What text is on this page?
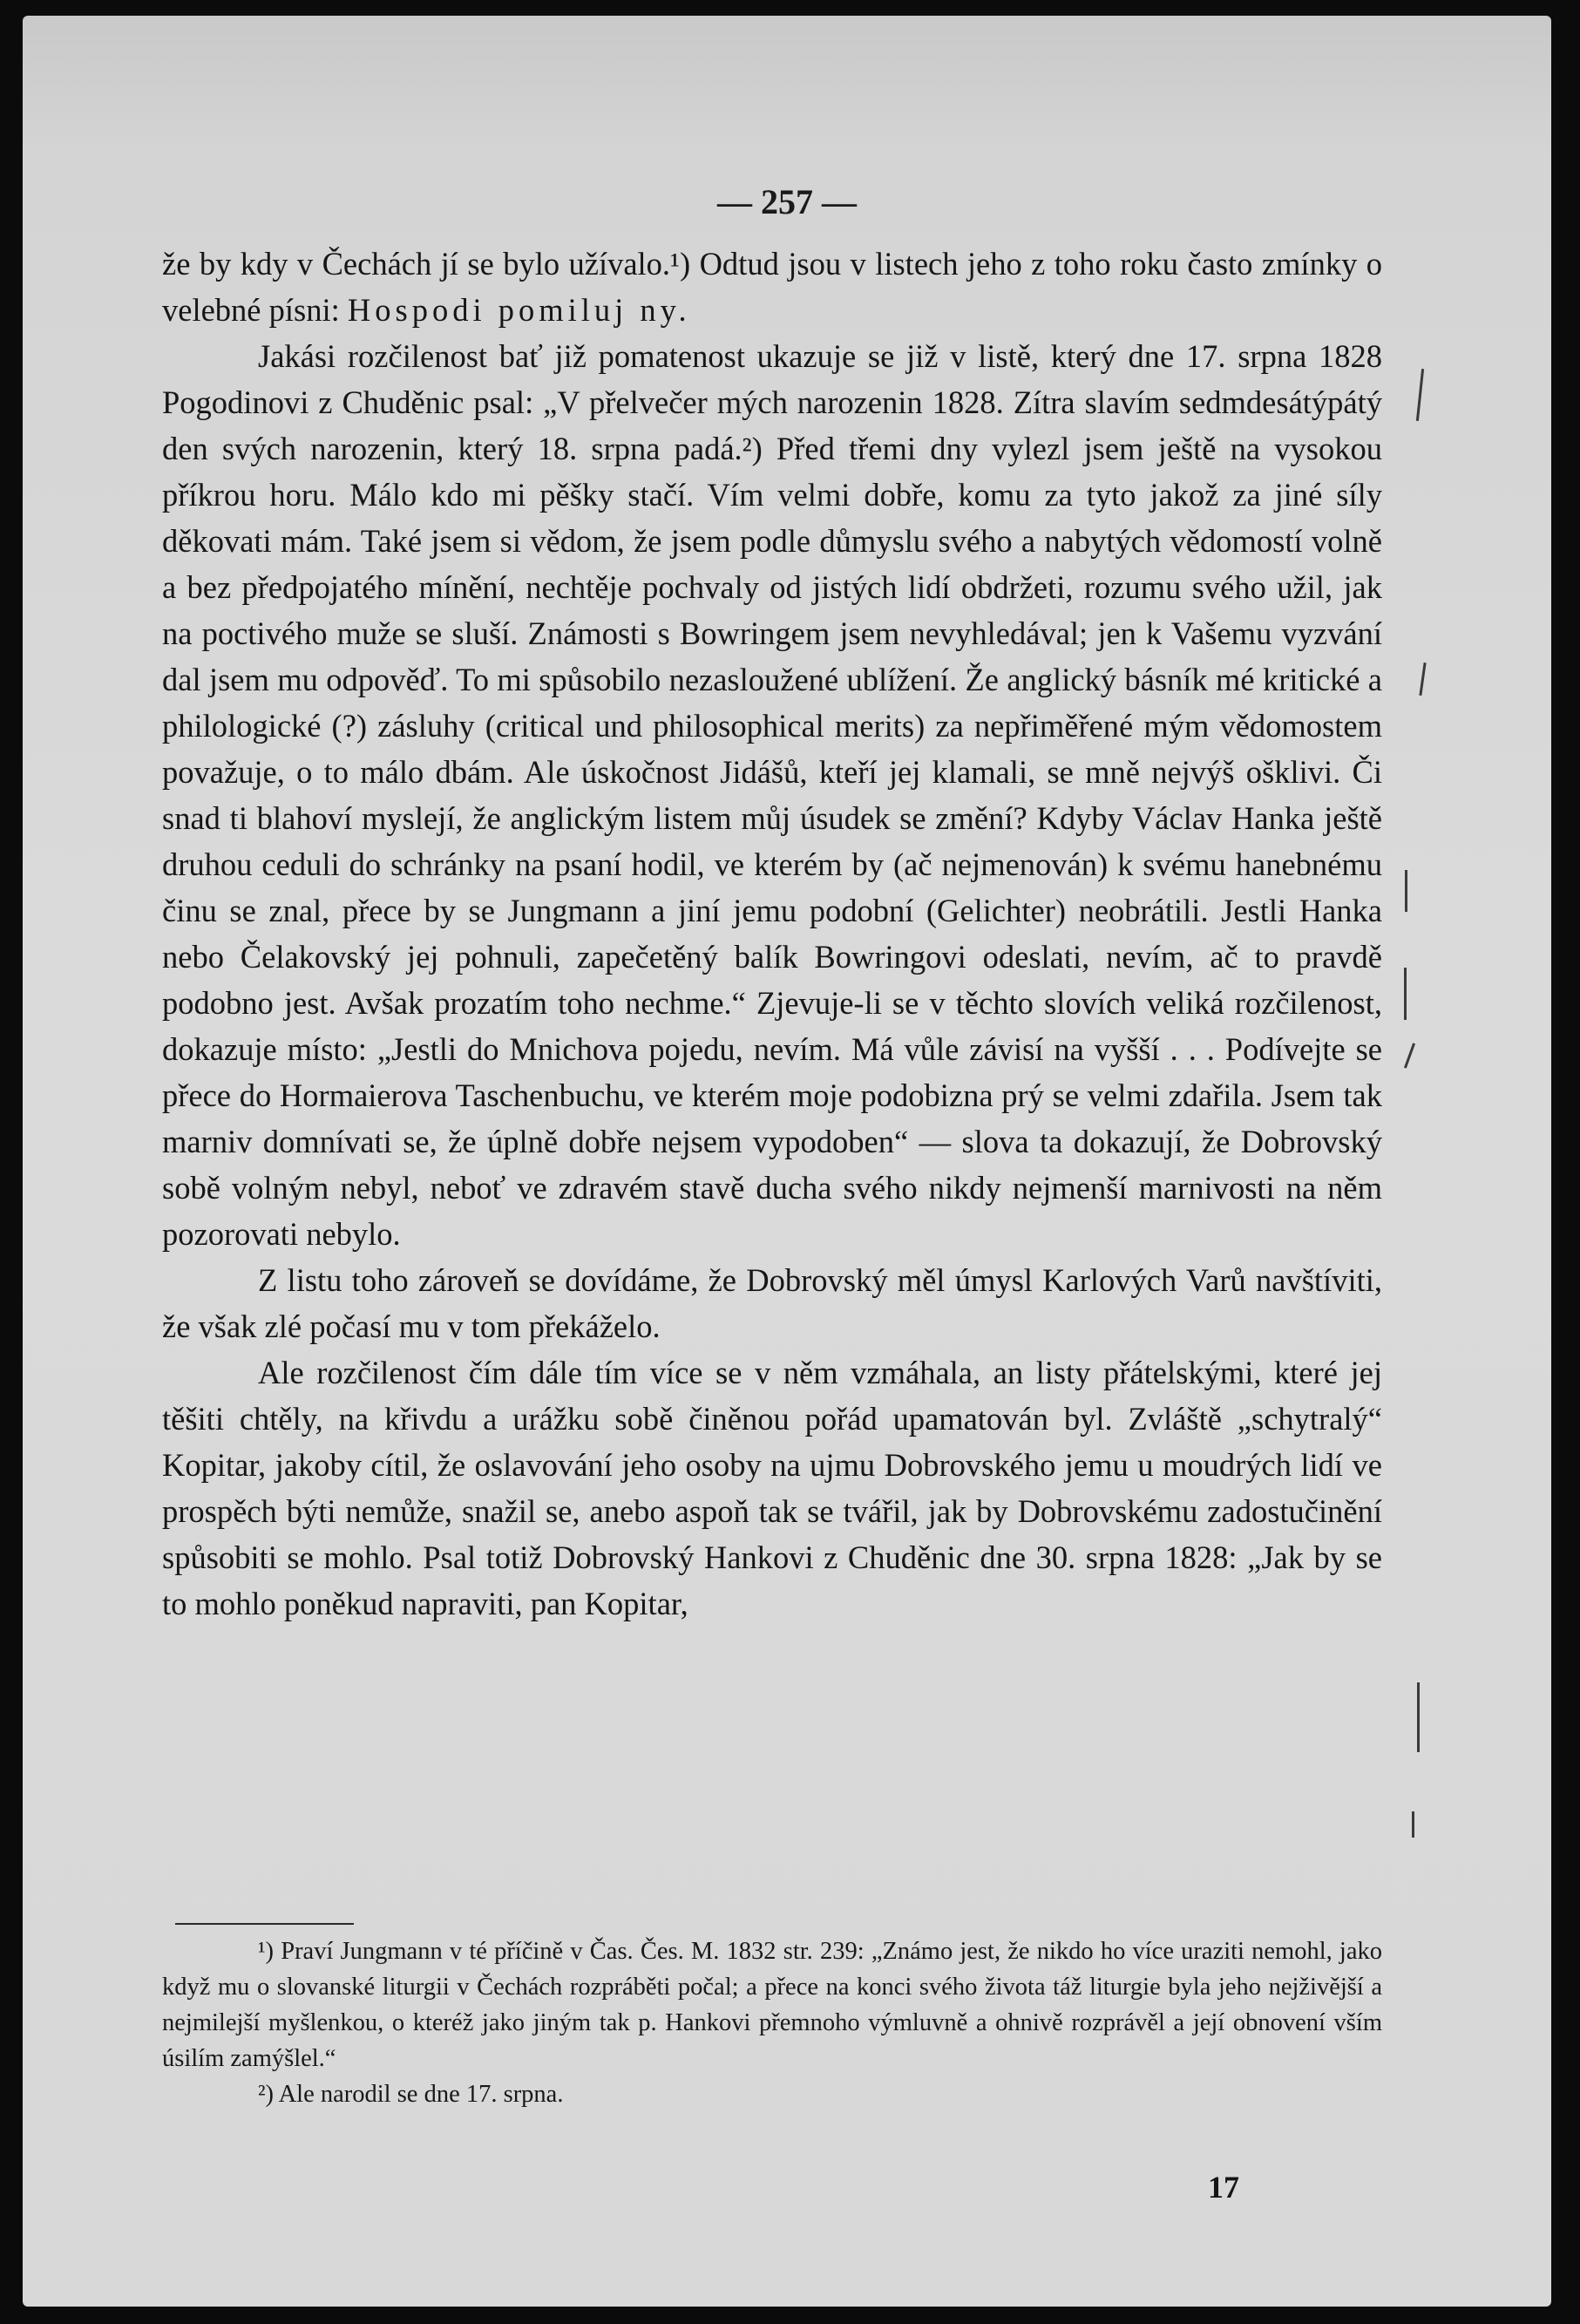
— 257 —

že by kdy v Čechách jí se bylo užívalo.¹) Odtud jsou v listech jeho z toho roku často zmínky o velebné písni: Hospodi pomiluj ny.

Jakási rozčilenost bať již pomatenost ukazuje se již v listě, který dne 17. srpna 1828 Pogodinovi z Chuděnic psal: „V přelvečer mých narozenin 1828. Zítra slavím sedmdesátýpátý den svých narozenin, který 18. srpna padá.²) Před třemi dny vylezl jsem ještě na vysokou příkrou horu. Málo kdo mi pěšky stačí. Vím velmi dobře, komu za tyto jakož za jiné síly děkovati mám. Také jsem si vědom, že jsem podle důmyslu svého a nabytých vědomostí volně a bez předpojatého mínění, nechtěje pochvaly od jistých lidí obdržeti, rozumu svého užil, jak na poctivého muže se sluší. Známosti s Bowringem jsem nevyhledával; jen k Vašemu vyzvání dal jsem mu odpověď. To mi spůsobilo nezasloužené ublížení. Že anglický básník mé kritické a philologické (?) zásluhy (critical und philosophical merits) za nepřiměřené mým vědomostem považuje, o to málo dbám. Ale úskočnost Jidášů, kteří jej klamali, se mně nejvýš ošklivi. Či snad ti blahoví myslejí, že anglickým listem můj úsudek se změní? Kdyby Václav Hanka ještě druhou ceduli do schránky na psaní hodil, ve kterém by (ač nejmenován) k svému hanebnému činu se znal, přece by se Jungmann a jiní jemu podobní (Gelichter) neobrátili. Jestli Hanka nebo Čelakovský jej pohnuli, zapečetěný balík Bowringovi odeslati, nevím, ač to pravdě podobno jest. Avšak prozatím toho nechme.“ Zjevuje-li se v těchto slovích veliká rozčilenost, dokazuje místo: „Jestli do Mnichova pojedu, nevím. Má vůle závisí na vyšší . . . Podívejte se přece do Hormaierova Taschenbuchu, ve kterém moje podobizna prý se velmi zdařila. Jsem tak marniv domnívati se, že úplně dobře nejsem vypodoben“ — slova ta dokazují, že Dobrovský sobě volným nebyl, neboť ve zdravém stavě ducha svého nikdy nejmenší marnivosti na něm pozorovati nebylo.

Z listu toho zároveň se dovídáme, že Dobrovský měl úmysl Karlových Varů navštíviti, že však zlé počasí mu v tom překáželo.

Ale rozčilenost čím dále tím více se v něm vzmáhala, an listy přátelskými, které jej těšiti chtěly, na křivdu a urážku sobě činěnou pořád upamatován byl. Zvláště „schytralý“ Kopitar, jakoby cítil, že oslavování jeho osoby na ujmu Dobrovského jemu u moudrých lidí ve prospěch býti nemůže, snažil se, anebo aspoň tak se tvářil, jak by Dobrovskému zadostučinění spůsobiti se mohlo. Psal totiž Dobrovský Hankovi z Chuděnic dne 30. srpna 1828: „Jak by se to mohlo poněkud napraviti, pan Kopitar,

¹) Praví Jungmann v té příčině v Čas. Čes. M. 1832 str. 239: „Známo jest, že nikdo ho více uraziti nemohl, jako když mu o slovanské liturgii v Čechách rozpráběti počal; a přece na konci svého života táž liturgie byla jeho nejživější a nejmilejší myšlenkou, o kteréž jako jiným tak p. Hankovi přemnoho výmluvně a ohnivě rozprávěl a její obnovení vším úsilím zamýšlel.“

²) Ale narodil se dne 17. srpna.

17
